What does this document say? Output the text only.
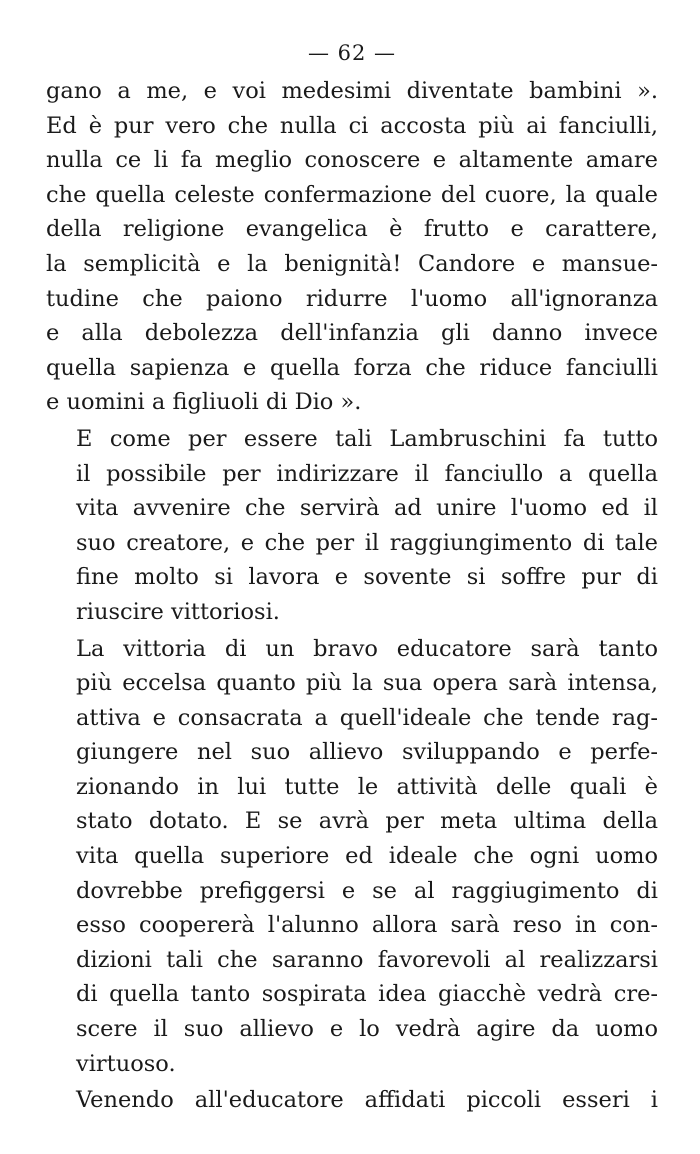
— 62 —

gano a me, e voi medesimi diventate bambini ».
Ed è pur vero che nulla ci accosta più ai fanciulli,
nulla ce li fa meglio conoscere e altamente amare
che quella celeste confermazione del cuore, la quale
della religione evangelica è frutto e carattere,
la semplicità e la benignità! Candore e mansue-
tudine che paiono ridurre l'uomo all'ignoranza
e alla debolezza dell'infanzia gli danno invece
quella sapienza e quella forza che riduce fanciulli
e uomini a figliuoli di Dio ».

E come per essere tali Lambruschini fa tutto
il possibile per indirizzare il fanciullo a quella
vita avvenire che servirà ad unire l'uomo ed il
suo creatore, e che per il raggiungimento di tale
fine molto si lavora e sovente si soffre pur di
riuscire vittoriosi.

La vittoria di un bravo educatore sarà tanto
più eccelsa quanto più la sua opera sarà intensa,
attiva e consacrata a quell'ideale che tende rag-
giungere nel suo allievo sviluppando e perfe-
zionando in lui tutte le attività delle quali è
stato dotato. E se avrà per meta ultima della
vita quella superiore ed ideale che ogni uomo
dovrebbe prefiggersi e se al raggiugimento di
esso coopererà l'alunno allora sarà reso in con-
dizioni tali che saranno favorevoli al realizzarsi
di quella tanto sospirata idea giacchè vedrà cre-
scere il suo allievo e lo vedrà agire da uomo
virtuoso.

Venendo all'educatore affidati piccoli esseri i
